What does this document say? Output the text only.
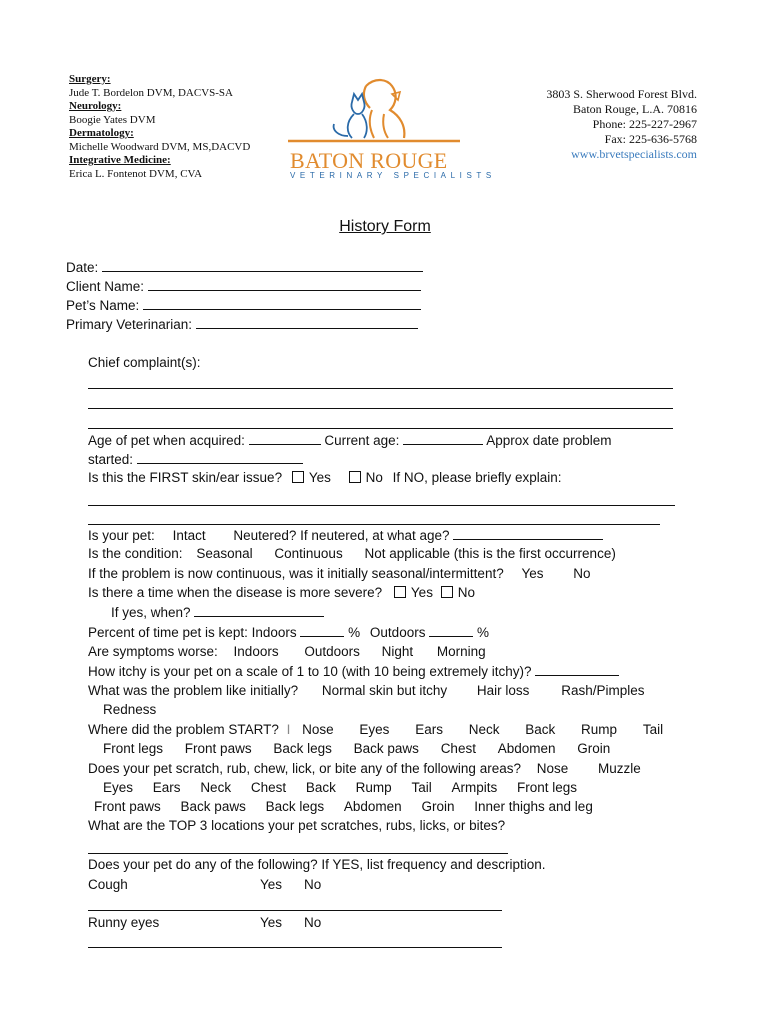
Surgery:
Jude T. Bordelon DVM, DACVS-SA
Neurology:
Boogie Yates DVM
Dermatology:
Michelle Woodward DVM, MS,DACVD
Integrative Medicine:
Erica L. Fontenot DVM, CVA
BATON ROUGE
VETERINARY SPECIALISTS
3803 S. Sherwood Forest Blvd.
Baton Rouge, L.A. 70816
Phone: 225-227-2967
Fax: 225-636-5768
www.brvetspecialists.com
History Form
Date:
Client Name:
Pet’s Name:
Primary Veterinarian:
Chief complaint(s):
Age of pet when acquired:	Current age:	Approx date problem
started:
Is this the FIRST skin/ear issue? Yes	No If NO, please briefly explain:
Is your pet: Intact Neutered? If neutered, at what age?
Is the condition: Seasonal Continuous Not applicable (this is the first occurrence)
If the problem is now continuous, was it initially seasonal/intermittent? Yes No
Is there a time when the disease is more severe? Yes No
If yes, when?
Percent of time pet is kept: Indoors	% Outdoors	%
Are symptoms worse: Indoors Outdoors Night Morning
How itchy is your pet on a scale of 1 to 10 (with 10 being extremely itchy)?
What was the problem like initially? Normal skin but itchy Hair loss Rash/Pimples
Redness
Where did the problem START? I Nose Eyes Ears Neck Back Rump Tail
Front legs Front paws Back legs Back paws Chest Abdomen Groin
Does your pet scratch, rub, chew, lick, or bite any of the following areas? Nose Muzzle
Eyes Ears Neck Chest Back Rump Tail Armpits Front legs
Front paws Back paws Back legs Abdomen Groin Inner thighs and leg
What are the TOP 3 locations your pet scratches, rubs, licks, or bites?
Does your pet do any of the following? If YES, list frequency and description.
Cough	Yes No
Runny eyes	Yes No
